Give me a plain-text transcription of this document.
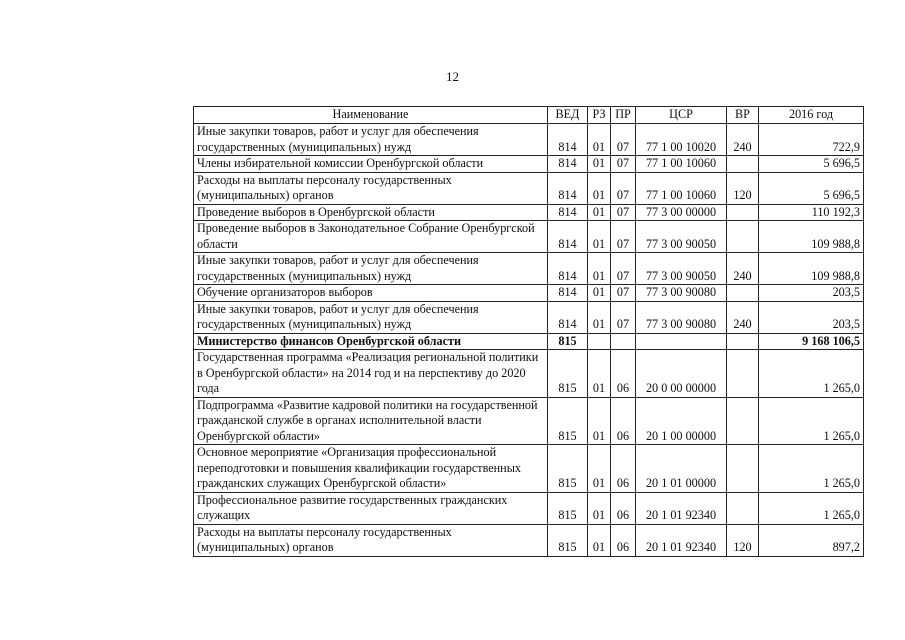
12
Наименование	ВЕД	РЗ	ПР	ЦСР	ВР	2016 год
Иные закупки товаров, работ и услуг для обеспечения государственных (муниципальных) нужд	814	01	07	77 1 00 10020	240	722,9
Члены избирательной комиссии Оренбургской области	814	01	07	77 1 00 10060		5 696,5
Расходы на выплаты персоналу государственных (муниципальных) органов	814	01	07	77 1 00 10060	120	5 696,5
Проведение выборов в Оренбургской области	814	01	07	77 3 00 00000		110 192,3
Проведение выборов в Законодательное Собрание Оренбургской области	814	01	07	77 3 00 90050		109 988,8
Иные закупки товаров, работ и услуг для обеспечения государственных (муниципальных) нужд	814	01	07	77 3 00 90050	240	109 988,8
Обучение организаторов выборов	814	01	07	77 3 00 90080		203,5
Иные закупки товаров, работ и услуг для обеспечения государственных (муниципальных) нужд	814	01	07	77 3 00 90080	240	203,5
Министерство финансов Оренбургской области	815					9 168 106,5
Государственная программа «Реализация региональной политики в Оренбургской области» на 2014 год и на перспективу до 2020 года	815	01	06	20 0 00 00000		1 265,0
Подпрограмма «Развитие кадровой политики на государственной гражданской службе в органах исполнительной власти Оренбургской области»	815	01	06	20 1 00 00000		1 265,0
Основное мероприятие «Организация профессиональной переподготовки и повышения квалификации государственных гражданских служащих Оренбургской области»	815	01	06	20 1 01 00000		1 265,0
Профессиональное развитие государственных гражданских служащих	815	01	06	20 1 01 92340		1 265,0
Расходы на выплаты персоналу государственных (муниципальных) органов	815	01	06	20 1 01 92340	120	897,2
